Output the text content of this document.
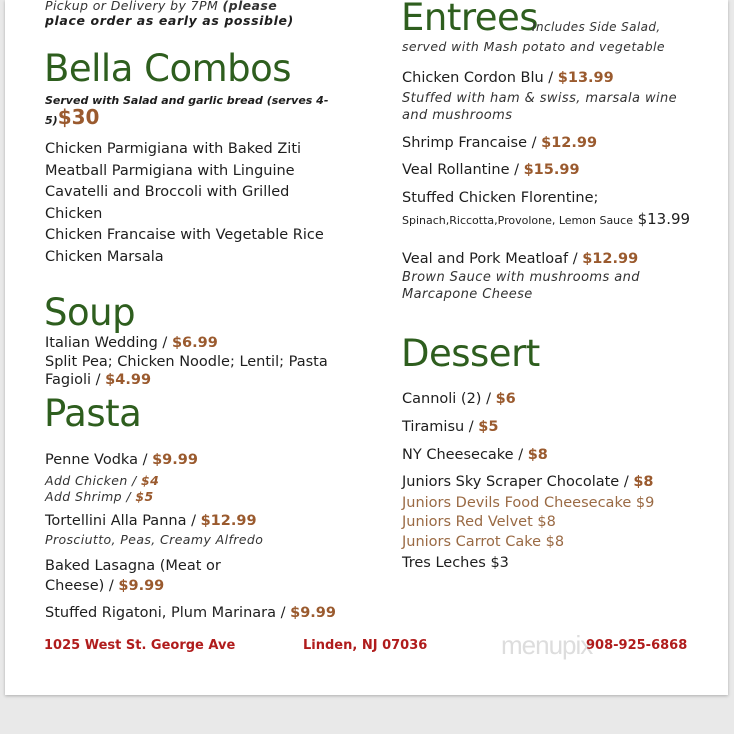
Pickup or Delivery by 7PM (please
place order as early as possible)
Bella Combos
Served with Salad and garlic bread (serves 4-
5)$30
Chicken Parmigiana with Baked Ziti
Meatball Parmigiana with Linguine
Cavatelli and Broccoli with Grilled
Chicken
Chicken Francaise with Vegetable Rice
Chicken Marsala
Soup
Italian Wedding / $6.99
Split Pea; Chicken Noodle; Lentil; Pasta
Fagioli / $4.99
Pasta
Penne Vodka / $9.99
Add Chicken / $4
Add Shrimp / $5
Tortellini Alla Panna / $12.99
Prosciutto, Peas, Creamy Alfredo
Baked Lasagna (Meat or
Cheese) / $9.99
Stuffed Rigatoni, Plum Marinara / $9.99
Entrees
Includes Side Salad,
served with Mash potato and vegetable
Chicken Cordon Blu / $13.99
Stuffed with ham & swiss, marsala wine
and mushrooms
Shrimp Francaise / $12.99
Veal Rollantine / $15.99
Stuffed Chicken Florentine;
Spinach,Riccotta,Provolone, Lemon Sauce $13.99
Veal and Pork Meatloaf / $12.99
Brown Sauce with mushrooms and
Marcapone Cheese
Dessert
Cannoli (2) / $6
Tiramisu / $5
NY Cheesecake / $8
Juniors Sky Scraper Chocolate / $8
Juniors Devils Food Cheesecake $9
Juniors Red Velvet $8
Juniors Carrot Cake $8
Tres Leches $3
menupix
1025 West St. George Ave	Linden, NJ 07036	908-925-6868
